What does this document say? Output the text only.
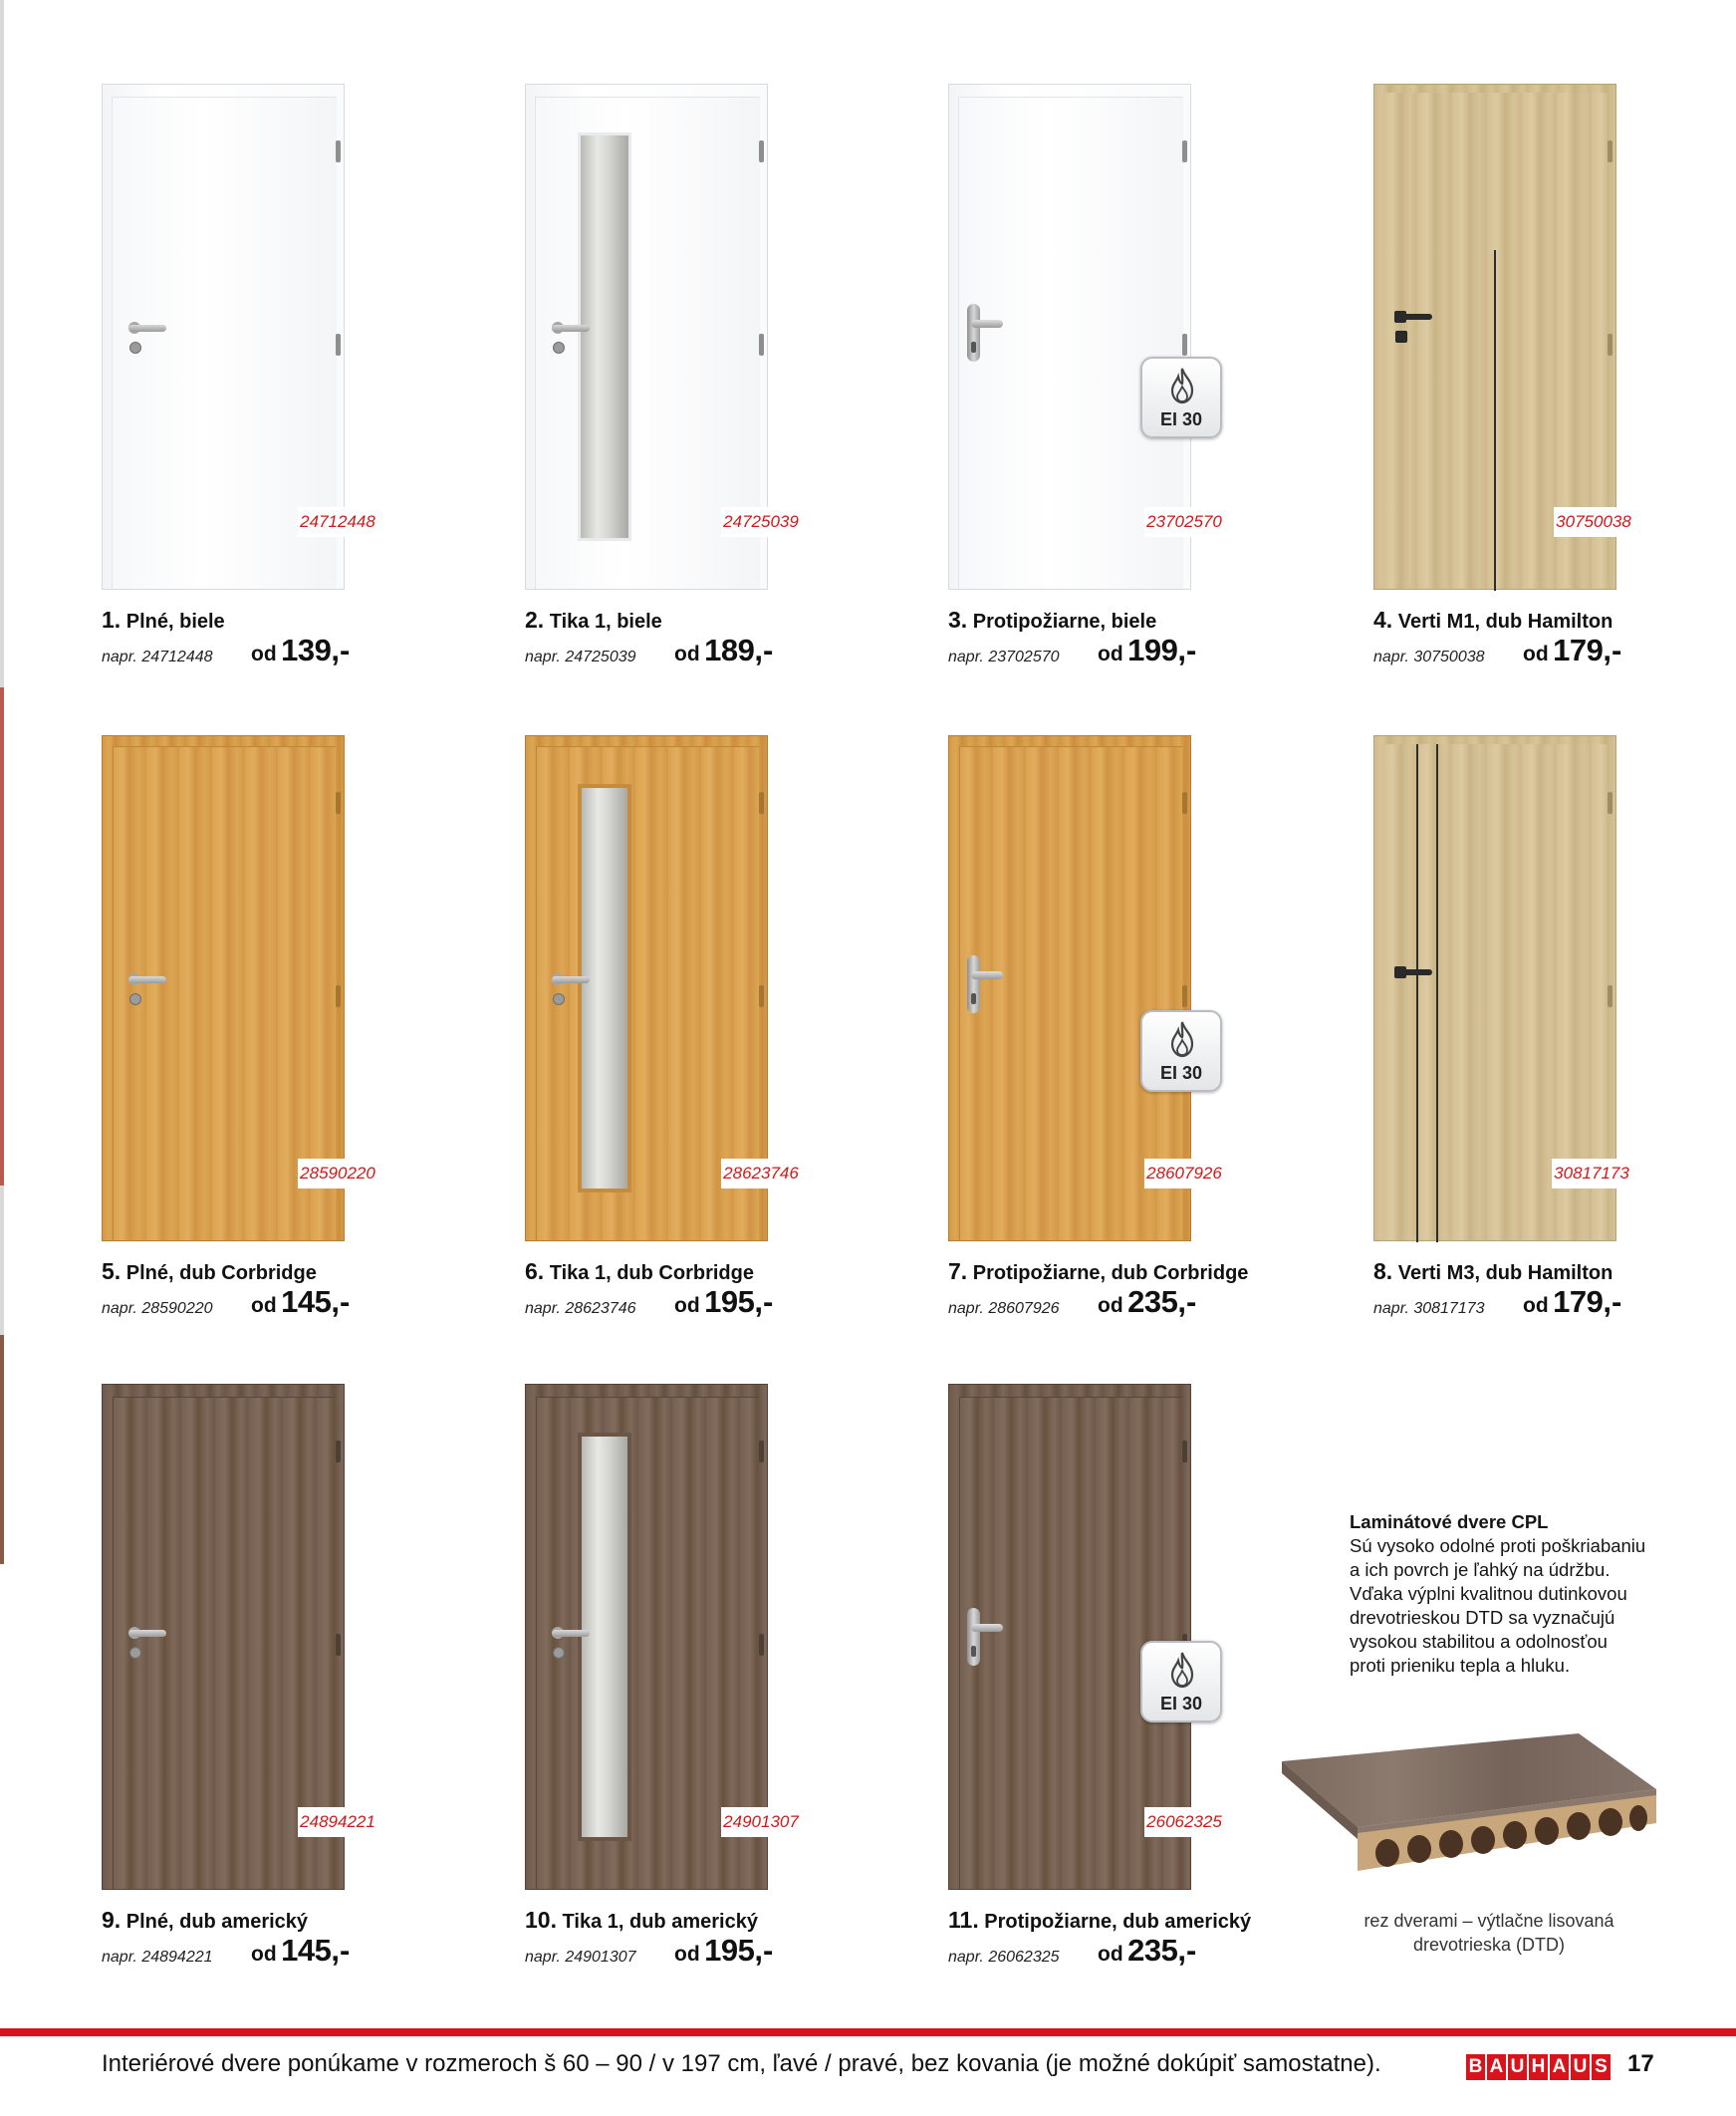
24712448
1. Plné, biele
napr. 24712448 od 139,-
24725039
2. Tika 1, biele
napr. 24725039 od 189,-
23702570
EI 30
3. Protipožiarne, biele
napr. 23702570 od 199,-
30750038
4. Verti M1, dub Hamilton
napr. 30750038 od 179,-
28590220
5. Plné, dub Corbridge
napr. 28590220 od 145,-
28623746
6. Tika 1, dub Corbridge
napr. 28623746 od 195,-
28607926
EI 30
7. Protipožiarne, dub Corbridge
napr. 28607926 od 235,-
30817173
8. Verti M3, dub Hamilton
napr. 30817173 od 179,-
24894221
9. Plné, dub americký
napr. 24894221 od 145,-
24901307
10. Tika 1, dub americký
napr. 24901307 od 195,-
26062325
EI 30
11. Protipožiarne, dub americký
napr. 26062325 od 235,-
Laminátové dvere CPL
Sú vysoko odolné proti poškriabaniu a ich povrch je ľahký na údržbu. Vďaka výplni kvalitnou dutinkovou drevotrieskou DTD sa vyznačujú vysokou stabilitou a odolnosťou proti prieniku tepla a hluku.
rez dverami – výtlačne lisovaná drevotrieska (DTD)
Interiérové dvere ponúkame v rozmeroch š 60 – 90 / v 197 cm, ľavé / pravé, bez kovania (je možné dokúpiť samostatne).	B A U H A U S 17
